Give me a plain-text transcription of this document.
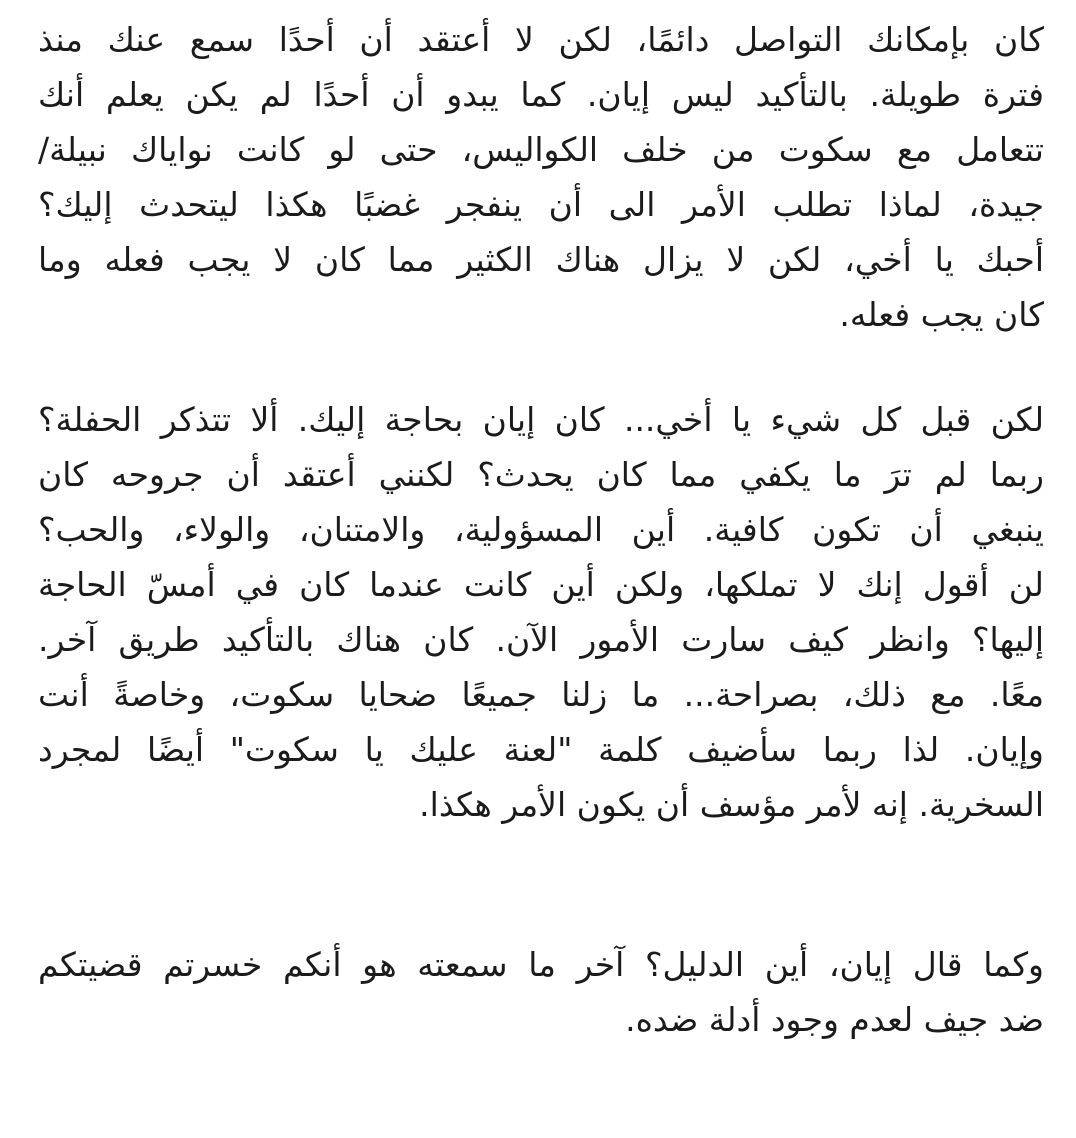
كان بإمكانك التواصل دائمًا، لكن لا أعتقد أن أحدًا سمع عنك منذ
فترة طويلة. بالتأكيد ليس إيان. كما يبدو أن أحدًا لم يكن يعلم أنك
تتعامل مع سكوت من خلف الكواليس، حتى لو كانت نواياك نبيلة/
جيدة، لماذا تطلب الأمر الى أن ينفجر غضبًا هكذا ليتحدث إليك؟
أحبك يا أخي، لكن لا يزال هناك الكثير مما كان لا يجب فعله وما
كان يجب فعله.
لكن قبل كل شيء يا أخي... كان إيان بحاجة إليك. ألا تتذكر الحفلة؟
ربما لم ترَ ما يكفي مما كان يحدث؟ لكنني أعتقد أن جروحه كان
ينبغي أن تكون كافية. أين المسؤولية، والامتنان، والولاء، والحب؟
لن أقول إنك لا تملكها، ولكن أين كانت عندما كان في أمسّ الحاجة
إليها؟ وانظر كيف سارت الأمور الآن. كان هناك بالتأكيد طريق آخر.
معًا. مع ذلك، بصراحة... ما زلنا جميعًا ضحايا سكوت، وخاصةً أنت
وإيان. لذا ربما سأضيف كلمة "لعنة عليك يا سكوت" أيضًا لمجرد
السخرية. إنه لأمر مؤسف أن يكون الأمر هكذا.
وكما قال إيان، أين الدليل؟ آخر ما سمعته هو أنكم خسرتم قضيتكم
ضد جيف لعدم وجود أدلة ضده.
